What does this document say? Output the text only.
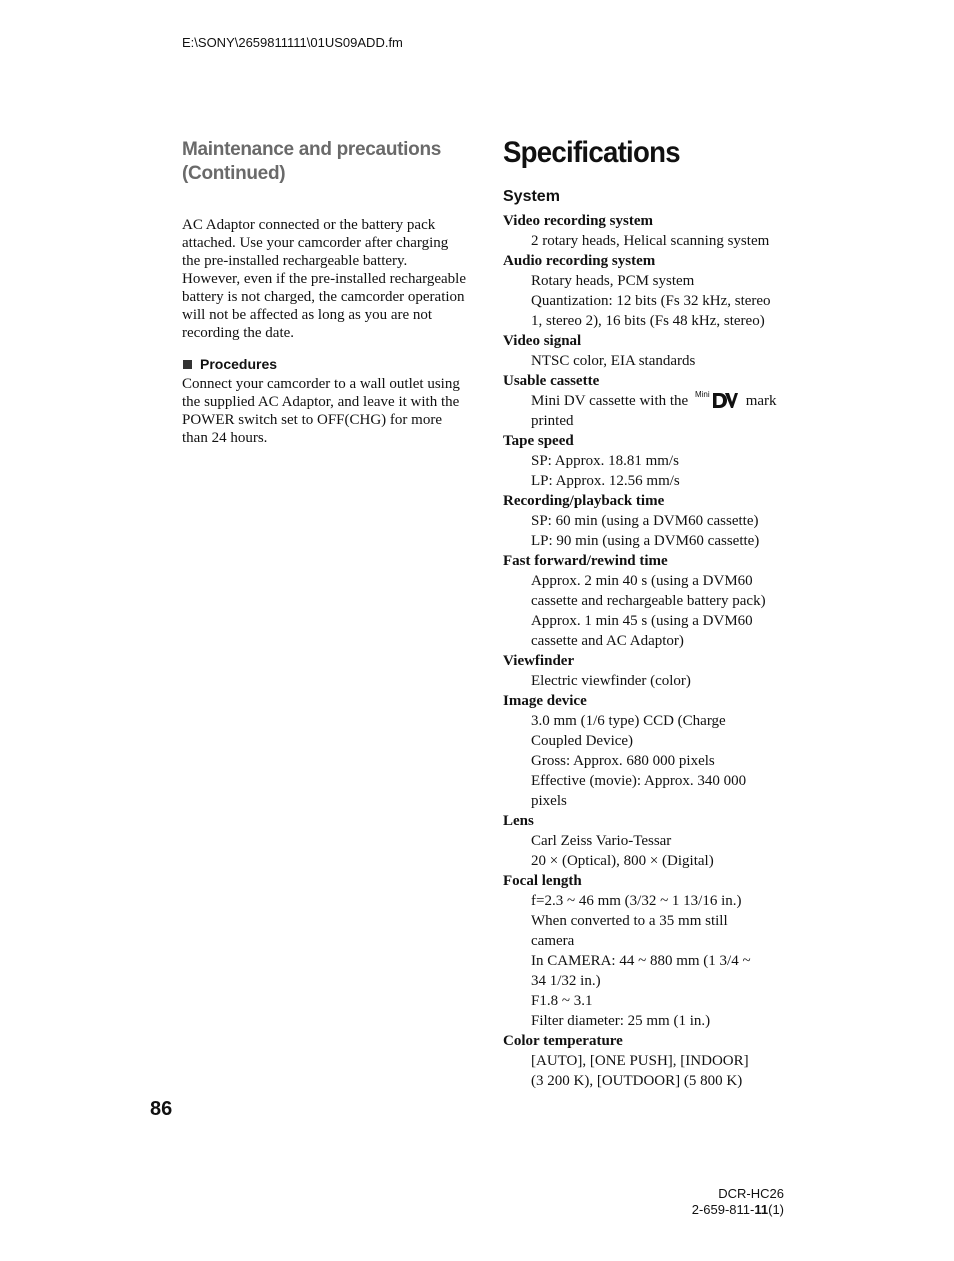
E:\SONY\2659811111\01US09ADD.fm
Maintenance and precautions
(Continued)

AC Adaptor connected or the battery pack attached. Use your camcorder after charging the pre-installed rechargeable battery.

However, even if the pre-installed rechargeable battery is not charged, the camcorder operation will not be affected as long as you are not recording the date.

Procedures

Connect your camcorder to a wall outlet using the supplied AC Adaptor, and leave it with the POWER switch set to OFF(CHG) for more than 24 hours.

Specifications
System
Video recording system
2 rotary heads, Helical scanning system
Audio recording system
Rotary heads, PCM system
Quantization: 12 bits (Fs 32 kHz, stereo
1, stereo 2), 16 bits (Fs 48 kHz, stereo)
Video signal
NTSC color, EIA standards
Usable cassette
Mini DV cassette with the Mini mark
printed
Tape speed
SP: Approx. 18.81 mm/s
LP: Approx. 12.56 mm/s
Recording/playback time
SP: 60 min (using a DVM60 cassette)
LP: 90 min (using a DVM60 cassette)
Fast forward/rewind time
Approx. 2 min 40 s (using a DVM60
cassette and rechargeable battery pack)
Approx. 1 min 45 s (using a DVM60
cassette and AC Adaptor)
Viewfinder
Electric viewfinder (color)
Image device
3.0 mm (1/6 type) CCD (Charge
Coupled Device)
Gross: Approx. 680 000 pixels
Effective (movie): Approx. 340 000
pixels
Lens
Carl Zeiss Vario-Tessar
20 × (Optical), 800 × (Digital)
Focal length
f=2.3 ~ 46 mm (3/32 ~ 1 13/16 in.)
When converted to a 35 mm still
camera
In CAMERA: 44 ~ 880 mm (1 3/4 ~
34 1/32 in.)
F1.8 ~ 3.1
Filter diameter: 25 mm (1 in.)
Color temperature
[AUTO], [ONE PUSH], [INDOOR]
(3 200 K), [OUTDOOR] (5 800 K)
86
DCR-HC26
2-659-811-11(1)
